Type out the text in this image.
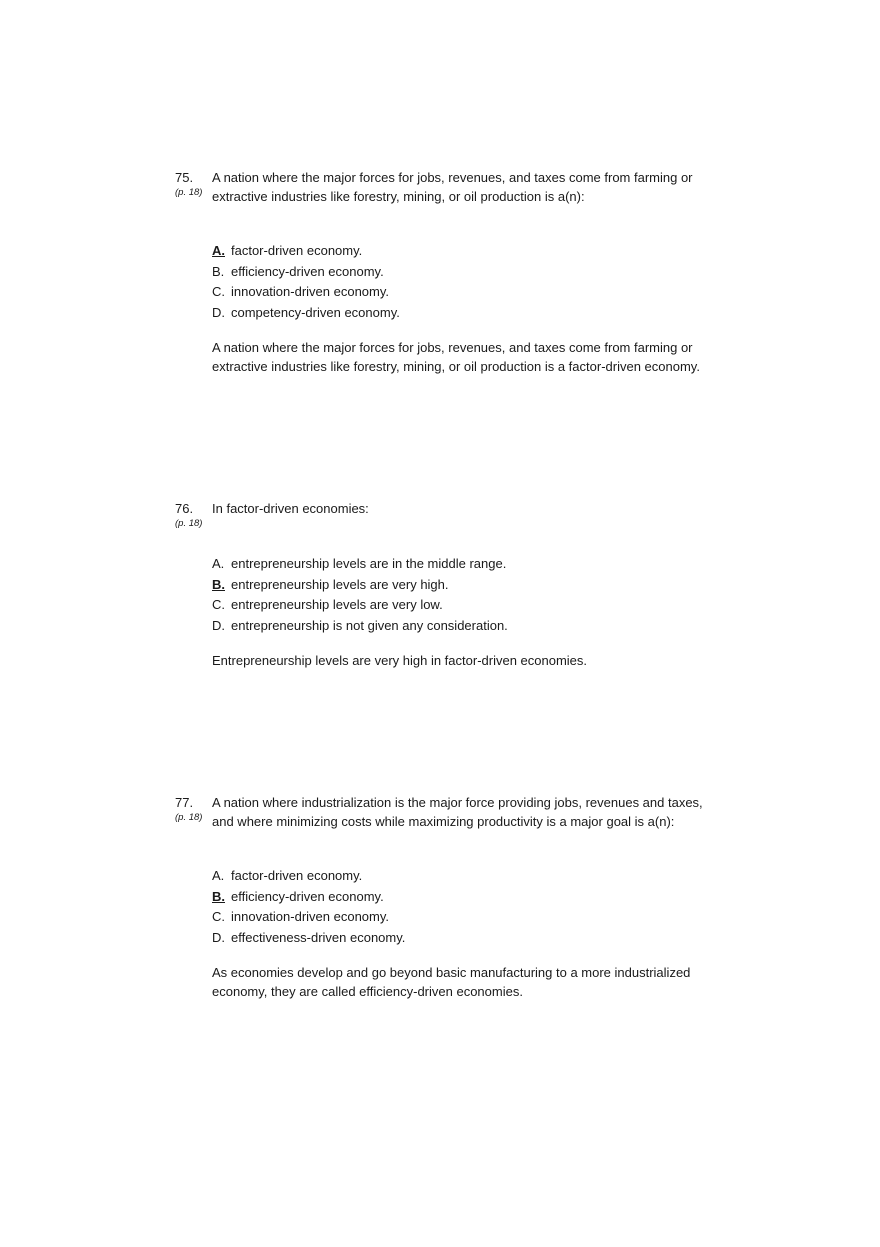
75.
(p. 18)

A nation where the major forces for jobs, revenues, and taxes come from farming or
extractive industries like forestry, mining, or oil production is a(n):

A. factor-driven economy.
B. efficiency-driven economy.
C. innovation-driven economy.
D. competency-driven economy.

A nation where the major forces for jobs, revenues, and taxes come from farming or
extractive industries like forestry, mining, or oil production is a factor-driven economy.

76.
(p. 18)

In factor-driven economies:

A. entrepreneurship levels are in the middle range.
B. entrepreneurship levels are very high.
C. entrepreneurship levels are very low.
D. entrepreneurship is not given any consideration.

Entrepreneurship levels are very high in factor-driven economies.

77.
(p. 18)

A nation where industrialization is the major force providing jobs, revenues and taxes,
and where minimizing costs while maximizing productivity is a major goal is a(n):

A. factor-driven economy.
B. efficiency-driven economy.
C. innovation-driven economy.
D. effectiveness-driven economy.

As economies develop and go beyond basic manufacturing to a more industrialized
economy, they are called efficiency-driven economies.
